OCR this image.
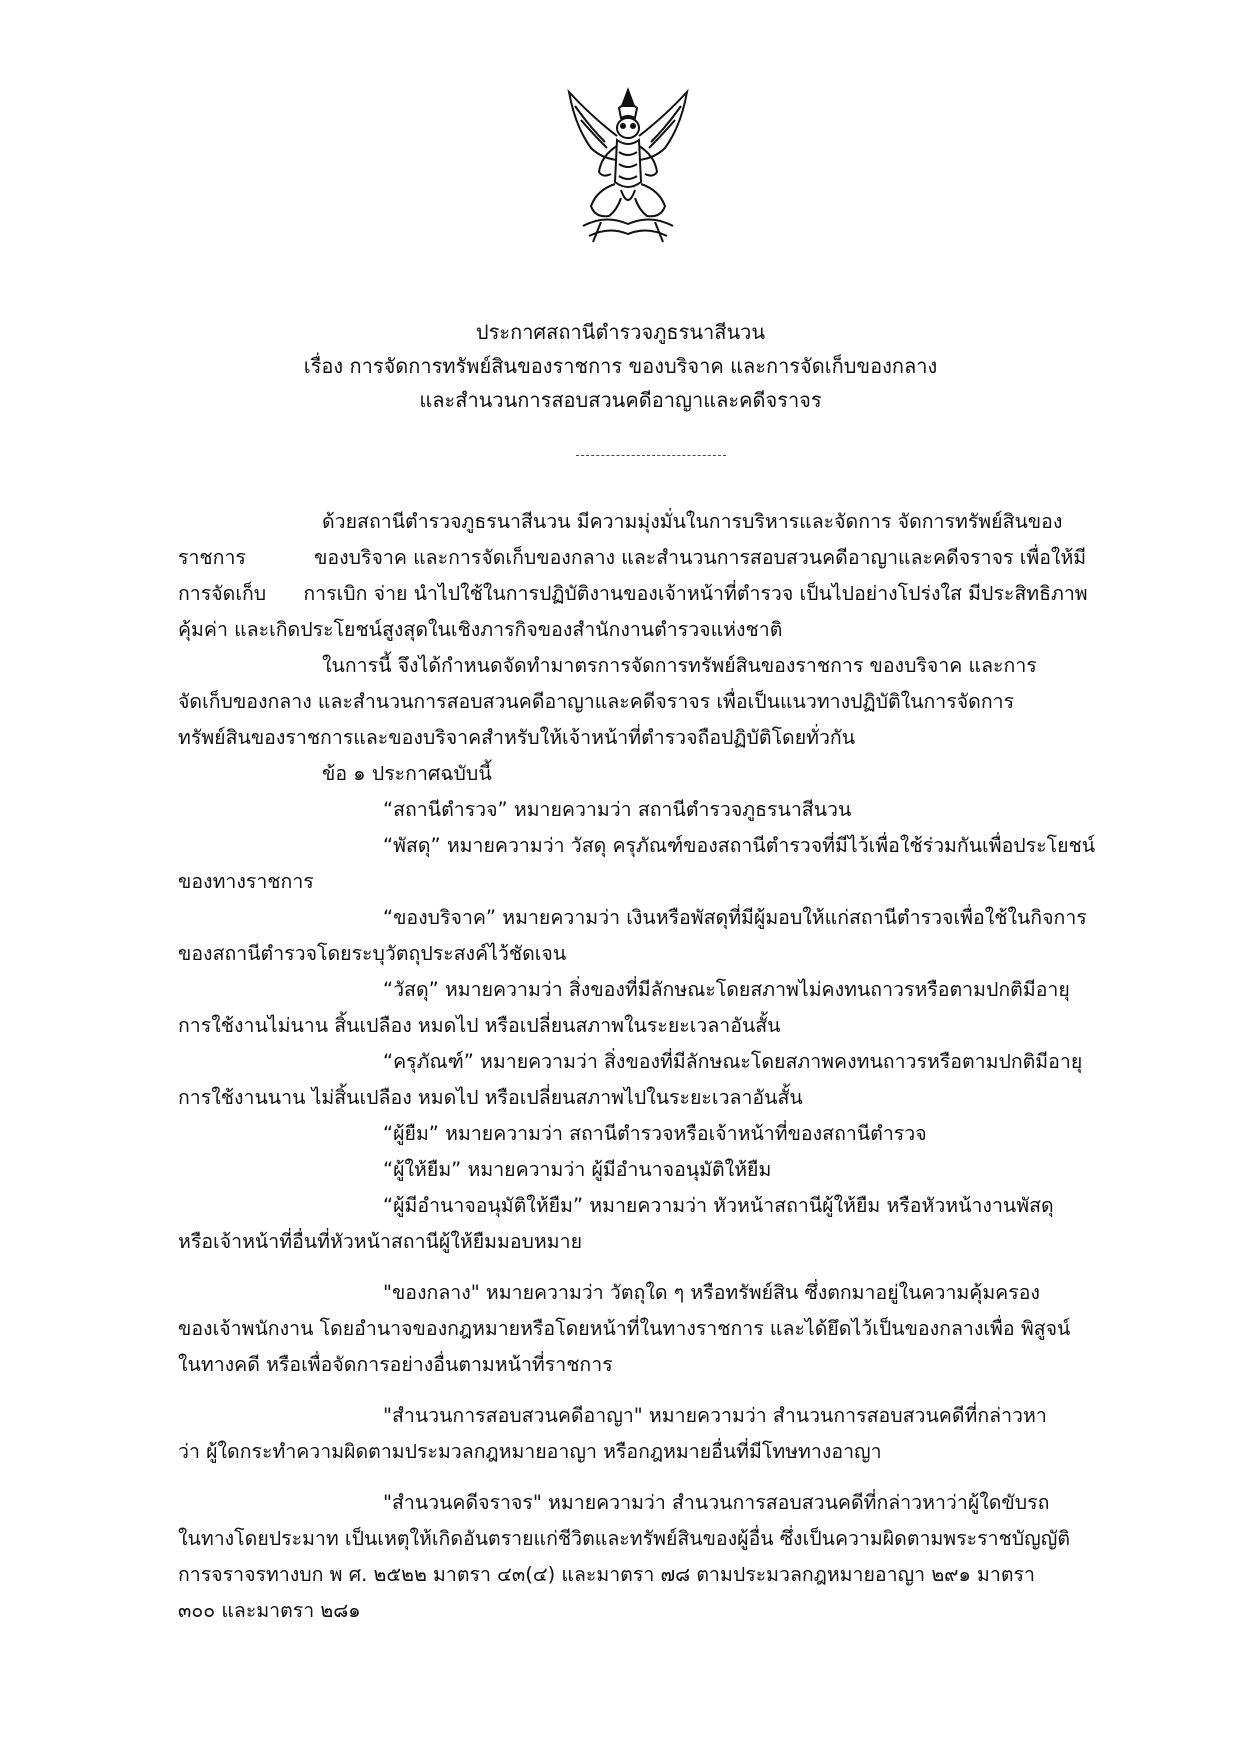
ประกาศสถานีตำรวจภูธรนาสีนวน
เรื่อง การจัดการทรัพย์สินของราชการ ของบริจาค และการจัดเก็บของกลาง
และสำนวนการสอบสวนคดีอาญาและคดีจราจร
ด้วยสถานีตำรวจภูธรนาสีนวน มีความมุ่งมั่นในการบริหารและจัดการ จัดการทรัพย์สินของ
ราชการ           ของบริจาค และการจัดเก็บของกลาง และสำนวนการสอบสวนคดีอาญาและคดีจราจร เพื่อให้มี
การจัดเก็บ      การเบิก จ่าย นำไปใช้ในการปฏิบัติงานของเจ้าหน้าที่ตำรวจ เป็นไปอย่างโปร่งใส มีประสิทธิภาพ
คุ้มค่า และเกิดประโยชน์สูงสุดในเชิงภารกิจของสำนักงานตำรวจแห่งชาติ
ในการนี้ จึงได้กำหนดจัดทำมาตรการจัดการทรัพย์สินของราชการ ของบริจาค และการ
จัดเก็บของกลาง และสำนวนการสอบสวนคดีอาญาและคดีจราจร เพื่อเป็นแนวทางปฏิบัติในการจัดการ
ทรัพย์สินของราชการและของบริจาคสำหรับให้เจ้าหน้าที่ตำรวจถือปฏิบัติโดยทั่วกัน
ข้อ ๑ ประกาศฉบับนี้
“สถานีตำรวจ” หมายความว่า สถานีตำรวจภูธรนาสีนวน
“พัสดุ” หมายความว่า วัสดุ ครุภัณฑ์ของสถานีตำรวจที่มีไว้เพื่อใช้ร่วมกันเพื่อประโยชน์
ของทางราชการ
“ของบริจาค” หมายความว่า เงินหรือพัสดุที่มีผู้มอบให้แก่สถานีตำรวจเพื่อใช้ในกิจการ
ของสถานีตำรวจโดยระบุวัตถุประสงค์ไว้ชัดเจน
“วัสดุ” หมายความว่า สิ่งของที่มีลักษณะโดยสภาพไม่คงทนถาวรหรือตามปกติมีอายุ
การใช้งานไม่นาน สิ้นเปลือง หมดไป หรือเปลี่ยนสภาพในระยะเวลาอันสั้น
“ครุภัณฑ์” หมายความว่า สิ่งของที่มีลักษณะโดยสภาพคงทนถาวรหรือตามปกติมีอายุ
การใช้งานนาน ไม่สิ้นเปลือง หมดไป หรือเปลี่ยนสภาพไปในระยะเวลาอันสั้น
“ผู้ยืม” หมายความว่า สถานีตำรวจหรือเจ้าหน้าที่ของสถานีตำรวจ
“ผู้ให้ยืม” หมายความว่า ผู้มีอำนาจอนุมัติให้ยืม
“ผู้มีอำนาจอนุมัติให้ยืม” หมายความว่า หัวหน้าสถานีผู้ให้ยืม หรือหัวหน้างานพัสดุ
หรือเจ้าหน้าที่อื่นที่หัวหน้าสถานีผู้ให้ยืมมอบหมาย
"ของกลาง" หมายความว่า วัตถุใด ๆ หรือทรัพย์สิน ซึ่งตกมาอยู่ในความคุ้มครอง
ของเจ้าพนักงาน โดยอำนาจของกฎหมายหรือโดยหน้าที่ในทางราชการ และได้ยึดไว้เป็นของกลางเพื่อ พิสูจน์
ในทางคดี หรือเพื่อจัดการอย่างอื่นตามหน้าที่ราชการ
"สำนวนการสอบสวนคดีอาญา" หมายความว่า สำนวนการสอบสวนคดีที่กล่าวหา
ว่า ผู้ใดกระทำความผิดตามประมวลกฎหมายอาญา หรือกฎหมายอื่นที่มีโทษทางอาญา
"สำนวนคดีจราจร" หมายความว่า สำนวนการสอบสวนคดีที่กล่าวหาว่าผู้ใดขับรถ
ในทางโดยประมาท เป็นเหตุให้เกิดอันตรายแก่ชีวิตและทรัพย์สินของผู้อื่น ซึ่งเป็นความผิดตามพระราชบัญญัติ
การจราจรทางบก พ ศ. ๒๕๒๒ มาตรา ๔๓(๔) และมาตรา ๗๘ ตามประมวลกฎหมายอาญา ๒๙๑ มาตรา
๓๐๐ และมาตรา ๒๘๑
